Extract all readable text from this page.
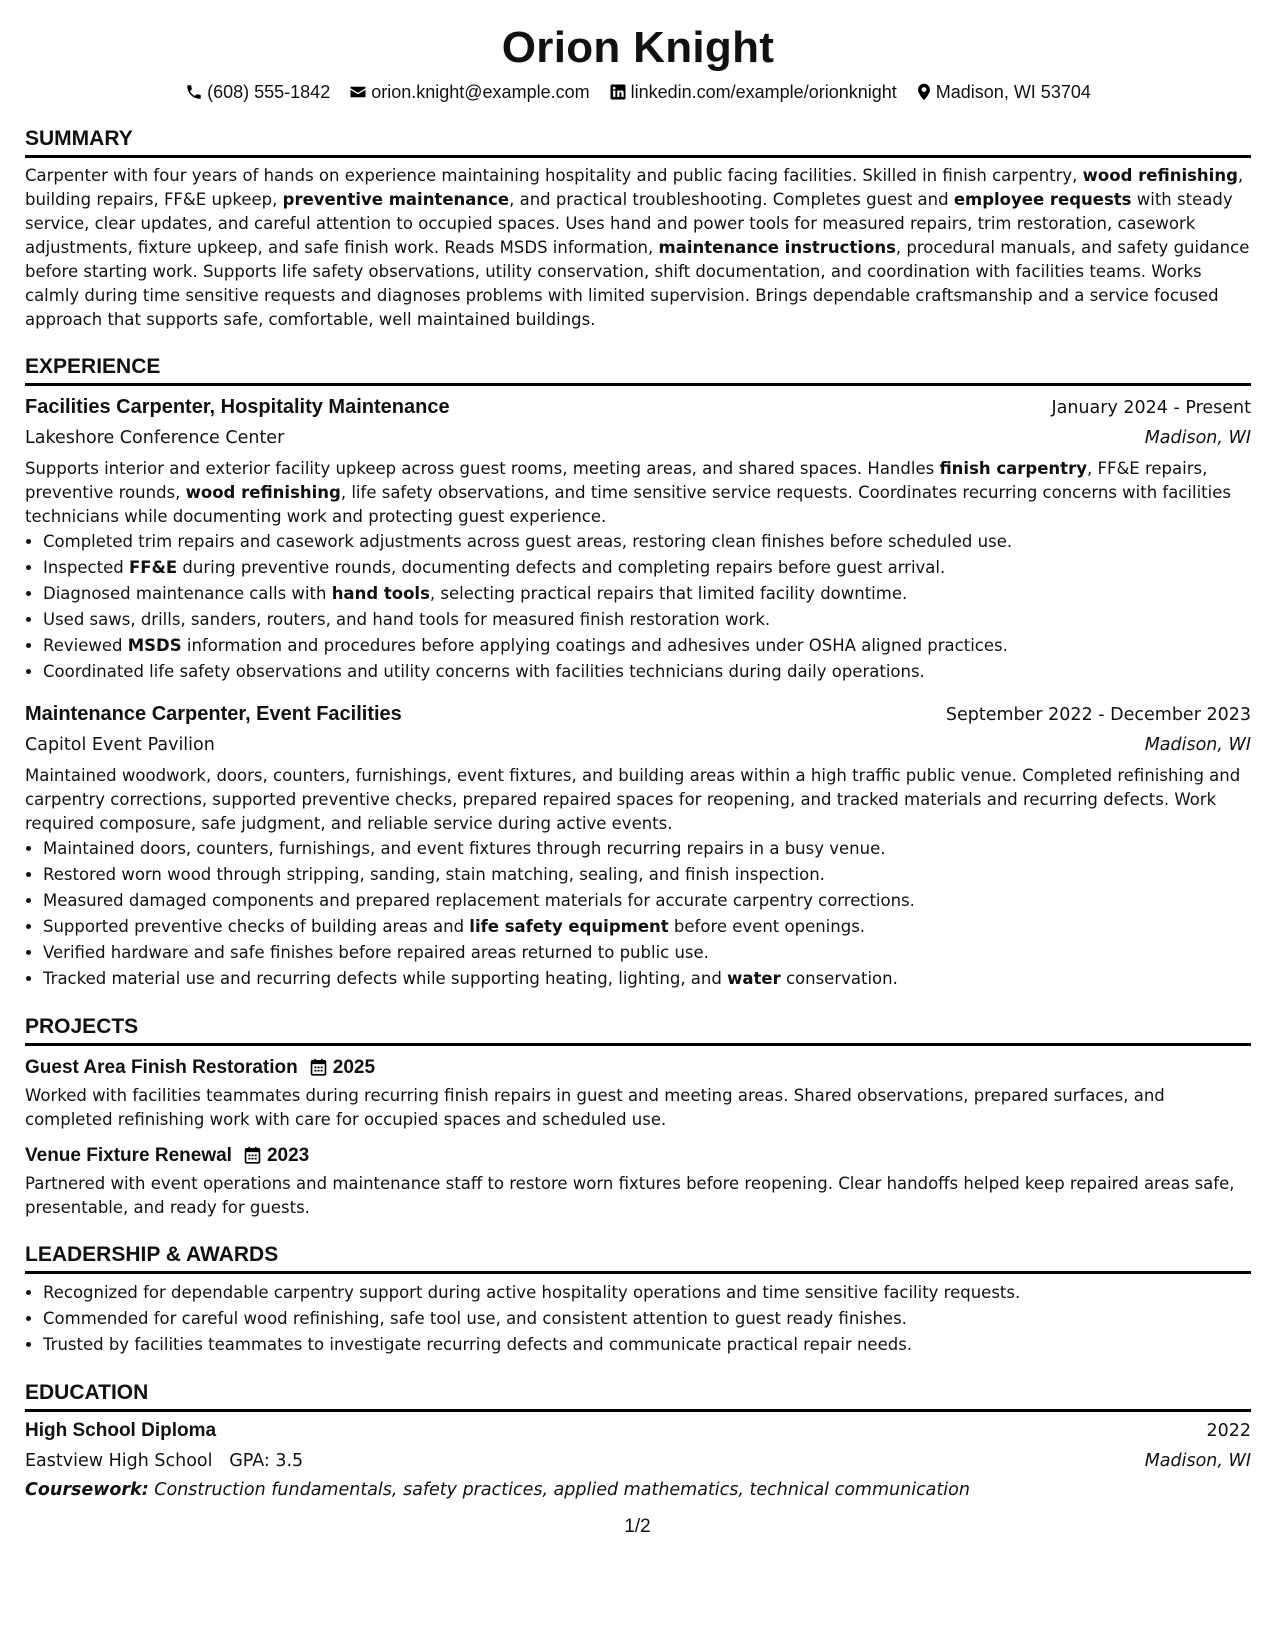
Orion Knight
(608) 555-1842 orion.knight@example.com linkedin.com/example/orionknight Madison, WI 53704
SUMMARY

Carpenter with four years of hands on experience maintaining hospitality and public facing facilities. Skilled in finish carpentry, wood refinishing, building repairs, FF&E upkeep, preventive maintenance, and practical troubleshooting. Completes guest and employee requests with steady service, clear updates, and careful attention to occupied spaces. Uses hand and power tools for measured repairs, trim restoration, casework adjustments, fixture upkeep, and safe finish work. Reads MSDS information, maintenance instructions, procedural manuals, and safety guidance before starting work. Supports life safety observations, utility conservation, shift documentation, and coordination with facilities teams. Works calmly during time sensitive requests and diagnoses problems with limited supervision. Brings dependable craftsmanship and a service focused approach that supports safe, comfortable, well maintained buildings.

EXPERIENCE
Facilities Carpenter, Hospitality Maintenance	January 2024 - Present
Lakeshore Conference Center	Madison, WI

Supports interior and exterior facility upkeep across guest rooms, meeting areas, and shared spaces. Handles finish carpentry, FF&E repairs, preventive rounds, wood refinishing, life safety observations, and time sensitive service requests. Coordinates recurring concerns with facilities technicians while documenting work and protecting guest experience.

• Completed trim repairs and casework adjustments across guest areas, restoring clean finishes before scheduled use.
• Inspected FF&E during preventive rounds, documenting defects and completing repairs before guest arrival.
• Diagnosed maintenance calls with hand tools, selecting practical repairs that limited facility downtime.
• Used saws, drills, sanders, routers, and hand tools for measured finish restoration work.
• Reviewed MSDS information and procedures before applying coatings and adhesives under OSHA aligned practices.
• Coordinated life safety observations and utility concerns with facilities technicians during daily operations.
Maintenance Carpenter, Event Facilities	September 2022 - December 2023
Capitol Event Pavilion	Madison, WI

Maintained woodwork, doors, counters, furnishings, event fixtures, and building areas within a high traffic public venue. Completed refinishing and carpentry corrections, supported preventive checks, prepared repaired spaces for reopening, and tracked materials and recurring defects. Work required composure, safe judgment, and reliable service during active events.

• Maintained doors, counters, furnishings, and event fixtures through recurring repairs in a busy venue.
• Restored worn wood through stripping, sanding, stain matching, sealing, and finish inspection.
• Measured damaged components and prepared replacement materials for accurate carpentry corrections.
• Supported preventive checks of building areas and life safety equipment before event openings.
• Verified hardware and safe finishes before repaired areas returned to public use.
• Tracked material use and recurring defects while supporting heating, lighting, and water conservation.
PROJECTS
Guest Area Finish Restoration 2025

Worked with facilities teammates during recurring finish repairs in guest and meeting areas. Shared observations, prepared surfaces, and completed refinishing work with care for occupied spaces and scheduled use.

Venue Fixture Renewal 2023

Partnered with event operations and maintenance staff to restore worn fixtures before reopening. Clear handoffs helped keep repaired areas safe, presentable, and ready for guests.

LEADERSHIP & AWARDS
• Recognized for dependable carpentry support during active hospitality operations and time sensitive facility requests.
• Commended for careful wood refinishing, safe tool use, and consistent attention to guest ready finishes.
• Trusted by facilities teammates to investigate recurring defects and communicate practical repair needs.
EDUCATION
High School Diploma	2022
Eastview High School GPA: 3.5	Madison, WI
Coursework: Construction fundamentals, safety practices, applied mathematics, technical communication
1/2
